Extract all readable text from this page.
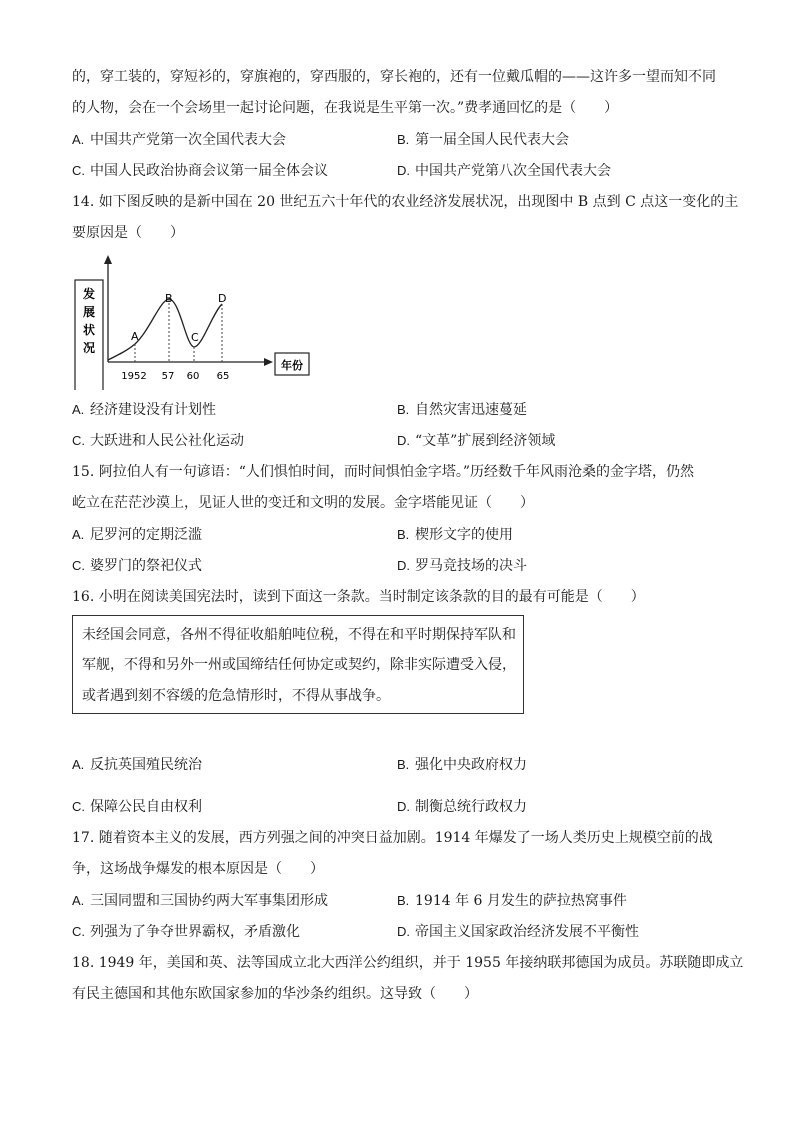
的，穿工装的，穿短衫的，穿旗袍的，穿西服的，穿长袍的，还有一位戴瓜帽的——这许多一望而知不同
的人物，会在一个会场里一起讨论问题，在我说是生平第一次。”费孝通回忆的是（　　）
A. 中国共产党第一次全国代表大会	B. 第一届全国人民代表大会
C. 中国人民政治协商会议第一届全体会议	D. 中国共产党第八次全国代表大会
14. 如下图反映的是新中国在 20 世纪五六十年代的农业经济发展状况，出现图中 B 点到 C 点这一变化的主
要原因是（　　）
发
展
状
况
A
B
C
D
1952 57 60 65
年份
A. 经济建设没有计划性	B. 自然灾害迅速蔓延
C. 大跃进和人民公社化运动	D. “文革”扩展到经济领域
15. 阿拉伯人有一句谚语：“人们惧怕时间，而时间惧怕金字塔。”历经数千年风雨沧桑的金字塔，仍然
屹立在茫茫沙漠上，见证人世的变迁和文明的发展。金字塔能见证（　　）
A. 尼罗河的定期泛滥	B. 楔形文字的使用
C. 婆罗门的祭祀仪式	D. 罗马竞技场的决斗
16. 小明在阅读美国宪法时，读到下面这一条款。当时制定该条款的目的最有可能是（　　）
未经国会同意，各州不得征收船舶吨位税，不得在和平时期保持军队和
军舰，不得和另外一州或国缔结任何协定或契约，除非实际遭受入侵，
或者遇到刻不容缓的危急情形时，不得从事战争。
A. 反抗英国殖民统治	B. 强化中央政府权力
C. 保障公民自由权利	D. 制衡总统行政权力
17. 随着资本主义的发展，西方列强之间的冲突日益加剧。1914 年爆发了一场人类历史上规模空前的战
争，这场战争爆发的根本原因是（　　）
A. 三国同盟和三国协约两大军事集团形成	B. 1914 年 6 月发生的萨拉热窝事件
C. 列强为了争夺世界霸权，矛盾激化	D. 帝国主义国家政治经济发展不平衡性
18. 1949 年，美国和英、法等国成立北大西洋公约组织，并于 1955 年接纳联邦德国为成员。苏联随即成立
有民主德国和其他东欧国家参加的华沙条约组织。这导致（　　）
